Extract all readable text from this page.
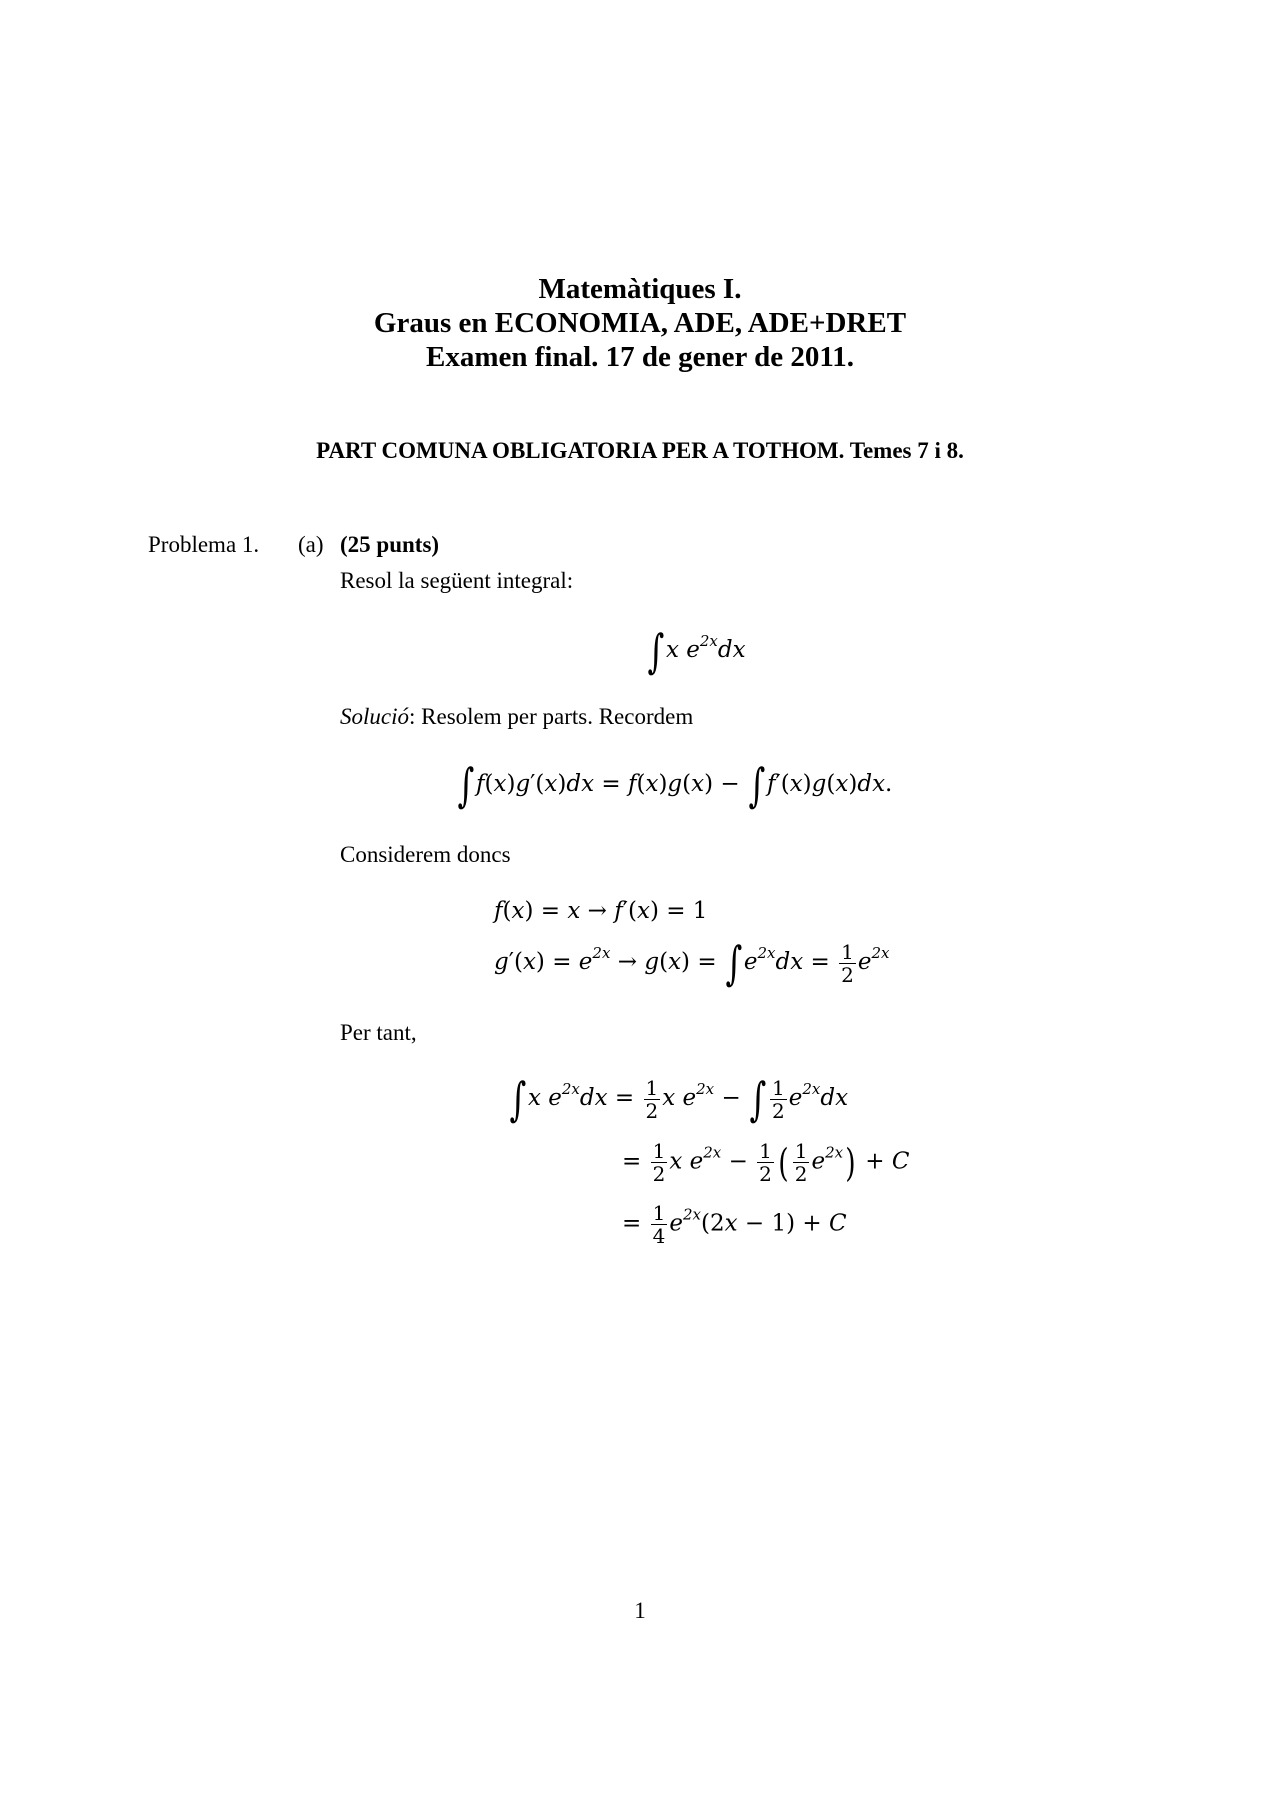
Matemàtiques I.
Graus en ECONOMIA, ADE, ADE+DRET
Examen final. 17 de gener de 2011.
PART COMUNA OBLIGATORIA PER A TOTHOM. Temes 7 i 8.
Problema 1. (a) (25 punts)
Resol la següent integral:
∫x $e^{2x}dx$
Solució: Resolem per parts. Recordem
∫f(x)g′(x)dx = f(x)g(x) − ∫f′(x)g(x)dx.
Considerem doncs
f(x) = x → f′(x) = 1
$g'(x) = e^{2x} \to g(x) = \int e^{2x}dx = \frac{1}{2} e^{2x}$
Per tant,
∫x $e^{2x}dx = \frac{1}{2}$ x $e^{2x}$ − ∫ $\frac{1}{2} e^{2x}dx$
= $\frac{1}{2}$ x $e^{2x} - \frac{1}{2}$ ( $\frac{1}{2} e^{2x}) + C$
= $\frac{1}{4} e^{2x}(2x - 1) + C$
1
